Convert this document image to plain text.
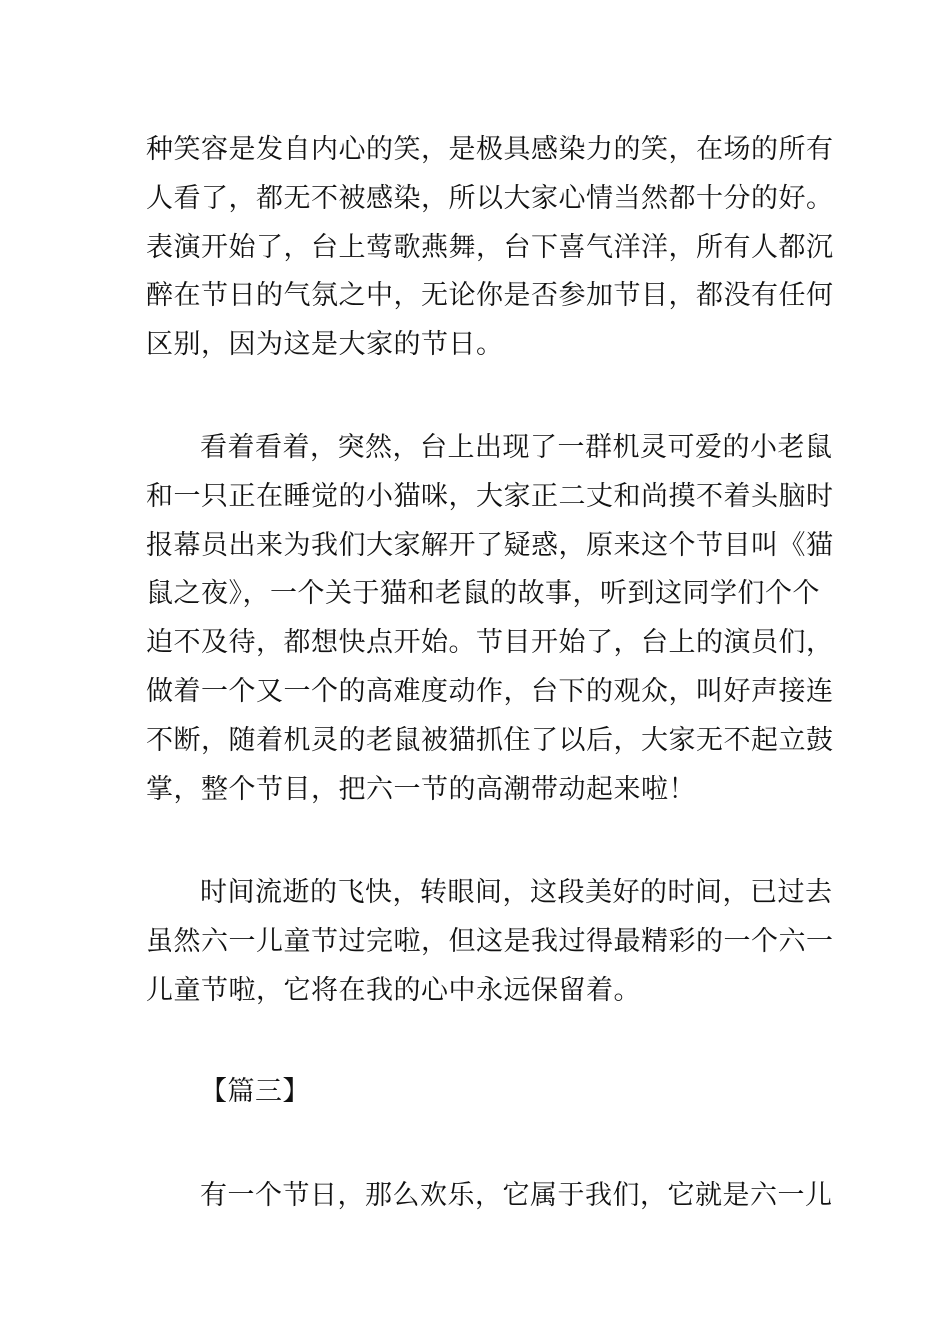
种笑容是发自内心的笑，是极具感染力的笑，在场的所有
人看了，都无不被感染，所以大家心情当然都十分的好。
表演开始了，台上莺歌燕舞，台下喜气洋洋，所有人都沉
醉在节日的气氛之中，无论你是否参加节目，都没有任何
区别，因为这是大家的节日。

看着看着，突然，台上出现了一群机灵可爱的小老鼠
和一只正在睡觉的小猫咪，大家正二丈和尚摸不着头脑时
报幕员出来为我们大家解开了疑惑，原来这个节目叫《猫
鼠之夜》，一个关于猫和老鼠的故事，听到这同学们个个
迫不及待，都想快点开始。节目开始了，台上的演员们，
做着一个又一个的高难度动作，台下的观众，叫好声接连
不断，随着机灵的老鼠被猫抓住了以后，大家无不起立鼓
掌，整个节目，把六一节的高潮带动起来啦！

时间流逝的飞快，转眼间，这段美好的时间，已过去
虽然六一儿童节过完啦，但这是我过得最精彩的一个六一
儿童节啦，它将在我的心中永远保留着。

【篇三】

有一个节日，那么欢乐，它属于我们，它就是六一儿
